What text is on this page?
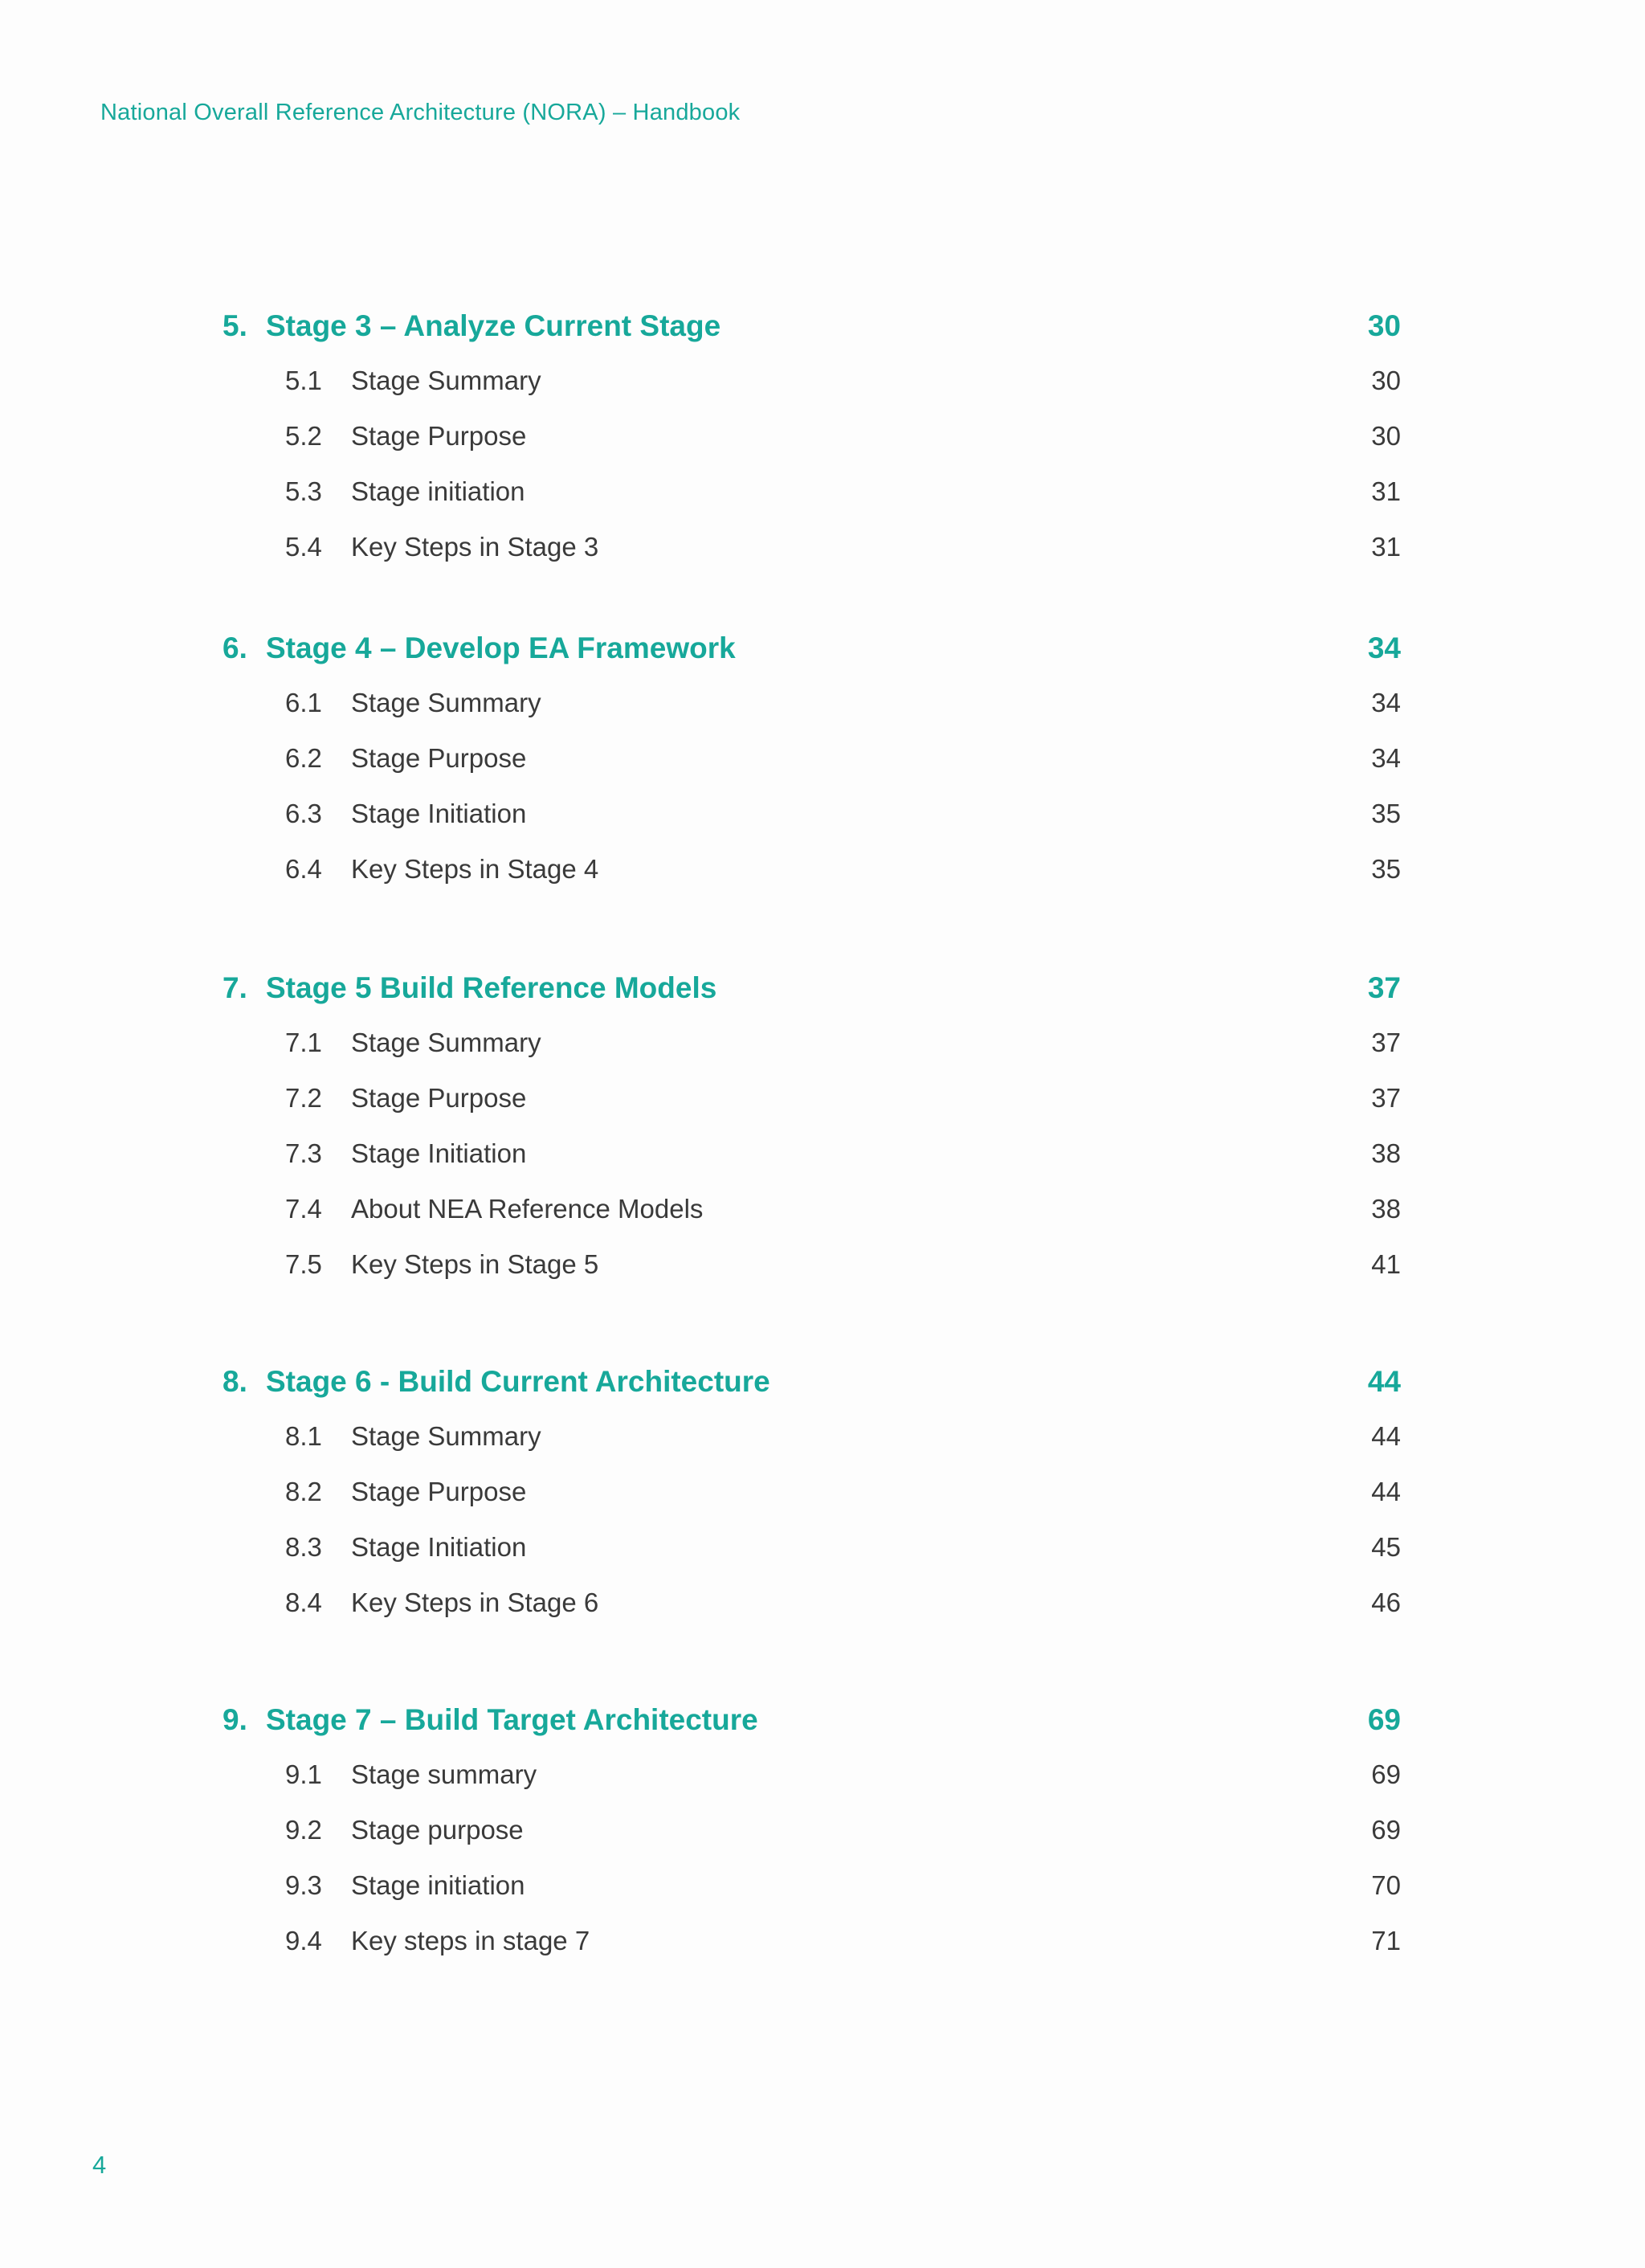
National Overall Reference Architecture (NORA) – Handbook
5. Stage 3 – Analyze Current Stage	30
5.1 Stage Summary	30
5.2 Stage Purpose	30
5.3 Stage initiation	31
5.4 Key Steps in Stage 3	31
6. Stage 4 – Develop EA Framework	34
6.1 Stage Summary	34
6.2 Stage Purpose	34
6.3 Stage Initiation	35
6.4 Key Steps in Stage 4	35
7. Stage 5 Build Reference Models	37
7.1 Stage Summary	37
7.2 Stage Purpose	37
7.3 Stage Initiation	38
7.4 About NEA Reference Models	38
7.5 Key Steps in Stage 5	41
8. Stage 6 - Build Current Architecture	44
8.1 Stage Summary	44
8.2 Stage Purpose	44
8.3 Stage Initiation	45
8.4 Key Steps in Stage 6	46
9. Stage 7 – Build Target Architecture	69
9.1 Stage summary	69
9.2 Stage purpose	69
9.3 Stage initiation	70
9.4 Key steps in stage 7	71
4
